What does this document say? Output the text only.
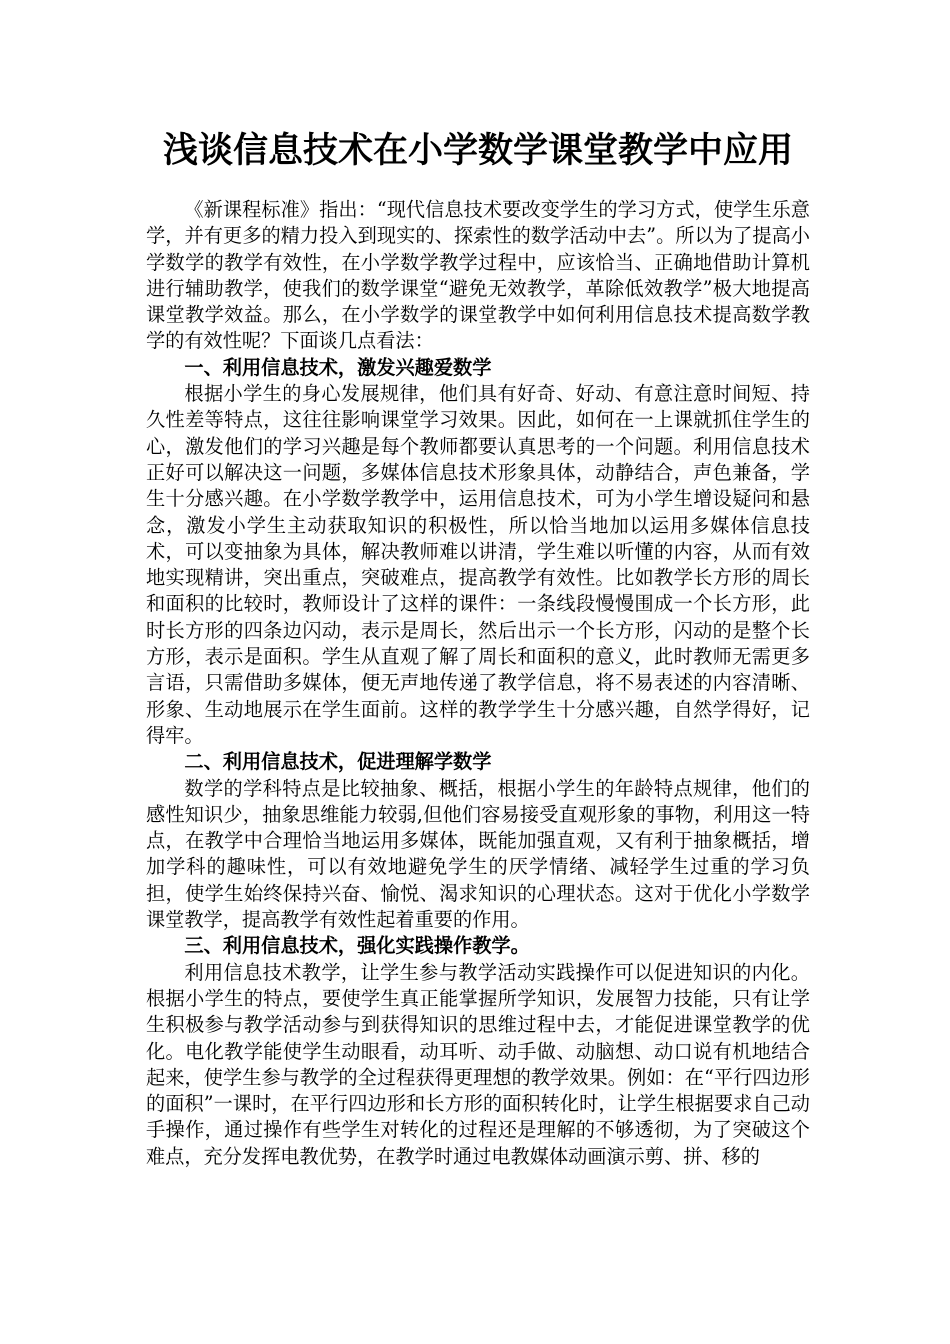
浅谈信息技术在小学数学课堂教学中应用

《新课程标准》指出：“现代信息技术要改变学生的学习方式，使学生乐意学，并有更多的精力投入到现实的、探索性的数学活动中去”。所以为了提高小学数学的教学有效性，在小学数学教学过程中，应该恰当、正确地借助计算机进行辅助教学，使我们的数学课堂“避免无效教学，革除低效教学”极大地提高课堂教学效益。那么，在小学数学的课堂教学中如何利用信息技术提高数学教学的有效性呢？下面谈几点看法：

一、利用信息技术，激发兴趣爱数学

根据小学生的身心发展规律，他们具有好奇、好动、有意注意时间短、持久性差等特点，这往往影响课堂学习效果。因此，如何在一上课就抓住学生的心，激发他们的学习兴趣是每个教师都要认真思考的一个问题。利用信息技术正好可以解决这一问题，多媒体信息技术形象具体，动静结合，声色兼备，学生十分感兴趣。在小学数学教学中，运用信息技术，可为小学生增设疑问和悬念，激发小学生主动获取知识的积极性，所以恰当地加以运用多媒体信息技术，可以变抽象为具体，解决教师难以讲清，学生难以听懂的内容，从而有效地实现精讲，突出重点，突破难点，提高教学有效性。比如教学长方形的周长和面积的比较时，教师设计了这样的课件：一条线段慢慢围成一个长方形，此时长方形的四条边闪动，表示是周长，然后出示一个长方形，闪动的是整个长方形，表示是面积。学生从直观了解了周长和面积的意义，此时教师无需更多言语，只需借助多媒体，便无声地传递了教学信息，将不易表述的内容清晰、形象、生动地展示在学生面前。这样的教学学生十分感兴趣，自然学得好，记得牢。

二、利用信息技术，促进理解学数学

数学的学科特点是比较抽象、概括，根据小学生的年龄特点规律，他们的感性知识少，抽象思维能力较弱,但他们容易接受直观形象的事物，利用这一特点，在教学中合理恰当地运用多媒体，既能加强直观，又有利于抽象概括，增加学科的趣味性，可以有效地避免学生的厌学情绪、减轻学生过重的学习负担，使学生始终保持兴奋、愉悦、渴求知识的心理状态。这对于优化小学数学课堂教学，提高教学有效性起着重要的作用。

三、利用信息技术，强化实践操作教学。

利用信息技术教学，让学生参与教学活动实践操作可以促进知识的内化。根据小学生的特点，要使学生真正能掌握所学知识，发展智力技能，只有让学生积极参与教学活动参与到获得知识的思维过程中去，才能促进课堂教学的优化。电化教学能使学生动眼看，动耳听、动手做、动脑想、动口说有机地结合起来，使学生参与教学的全过程获得更理想的教学效果。例如：在“平行四边形的面积”一课时，在平行四边形和长方形的面积转化时，让学生根据要求自己动手操作，通过操作有些学生对转化的过程还是理解的不够透彻，为了突破这个难点，充分发挥电教优势，在教学时通过电教媒体动画演示剪、拼、移的
